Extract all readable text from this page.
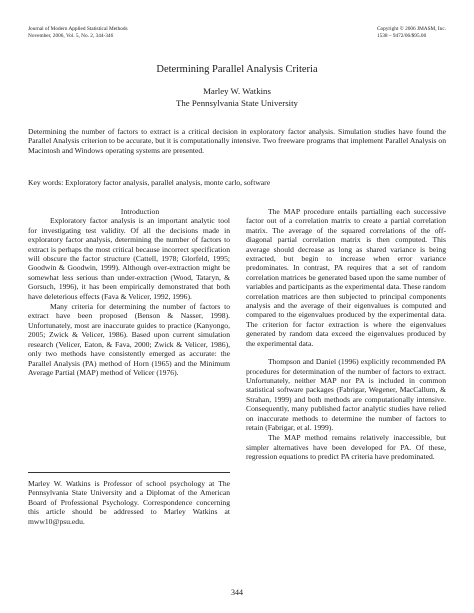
Journal of Modern Applied Statistical Methods
November, 2006, Vol. 5, No. 2, 344-346
Copyright © 2006 JMASM, Inc.
1538 – 9472/06/$95.00
Determining Parallel Analysis Criteria
Marley W. Watkins
The Pennsylvania State University
Determining the number of factors to extract is a critical decision in exploratory factor analysis. Simulation studies have found the Parallel Analysis criterion to be accurate, but it is computationally intensive. Two freeware programs that implement Parallel Analysis on Macintosh and Windows operating systems are presented.
Key words: Exploratory factor analysis, parallel analysis, monte carlo, software

Introduction

Exploratory factor analysis is an important analytic tool for investigating test validity. Of all the decisions made in exploratory factor analysis, determining the number of factors to extract is perhaps the most critical because incorrect specification will obscure the factor structure (Cattell, 1978; Glorfeld, 1995; Goodwin & Goodwin, 1999). Although over-extraction might be somewhat less serious than under-extraction (Wood, Tataryn, & Gorsuch, 1996), it has been empirically demonstrated that both have deleterious effects (Fava & Velicer, 1992, 1996).

Many criteria for determining the number of factors to extract have been proposed (Benson & Nasser, 1998). Unfortunately, most are inaccurate guides to practice (Kanyongo, 2005; Zwick & Velicer, 1986). Based upon current simulation research (Velicer, Eaton, & Fava, 2000; Zwick & Velicer, 1986), only two methods have consistently emerged as accurate: the Parallel Analysis (PA) method of Horn (1965) and the Minimum Average Partial (MAP) method of Velicer (1976).

Marley W. Watkins is Professor of school psychology at The Pennsylvania State University and a Diplomat of the American Board of Professional Psychology. Correspondence concerning this article should be addressed to Marley Watkins at mww10@psu.edu.

The MAP procedure entails partialling each successive factor out of a correlation matrix to create a partial correlation matrix. The average of the squared correlations of the off-diagonal partial correlation matrix is then computed. This average should decrease as long as shared variance is being extracted, but begin to increase when error variance predominates. In contrast, PA requires that a set of random correlation matrices be generated based upon the same number of variables and participants as the experimental data. These random correlation matrices are then subjected to principal components analysis and the average of their eigenvalues is computed and compared to the eigenvalues produced by the experimental data. The criterion for factor extraction is where the eigenvalues generated by random data exceed the eigenvalues produced by the experimental data.

Thompson and Daniel (1996) explicitly recommended PA procedures for determination of the number of factors to extract. Unfortunately, neither MAP nor PA is included in common statistical software packages (Fabrigar, Wegener, MacCallum, & Strahan, 1999) and both methods are computationally intensive. Consequently, many published factor analytic studies have relied on inaccurate methods to determine the number of factors to retain (Fabrigar, et al. 1999).

The MAP method remains relatively inaccessible, but simpler alternatives have been developed for PA. Of these, regression equations to predict PA criteria have predominated.

344
